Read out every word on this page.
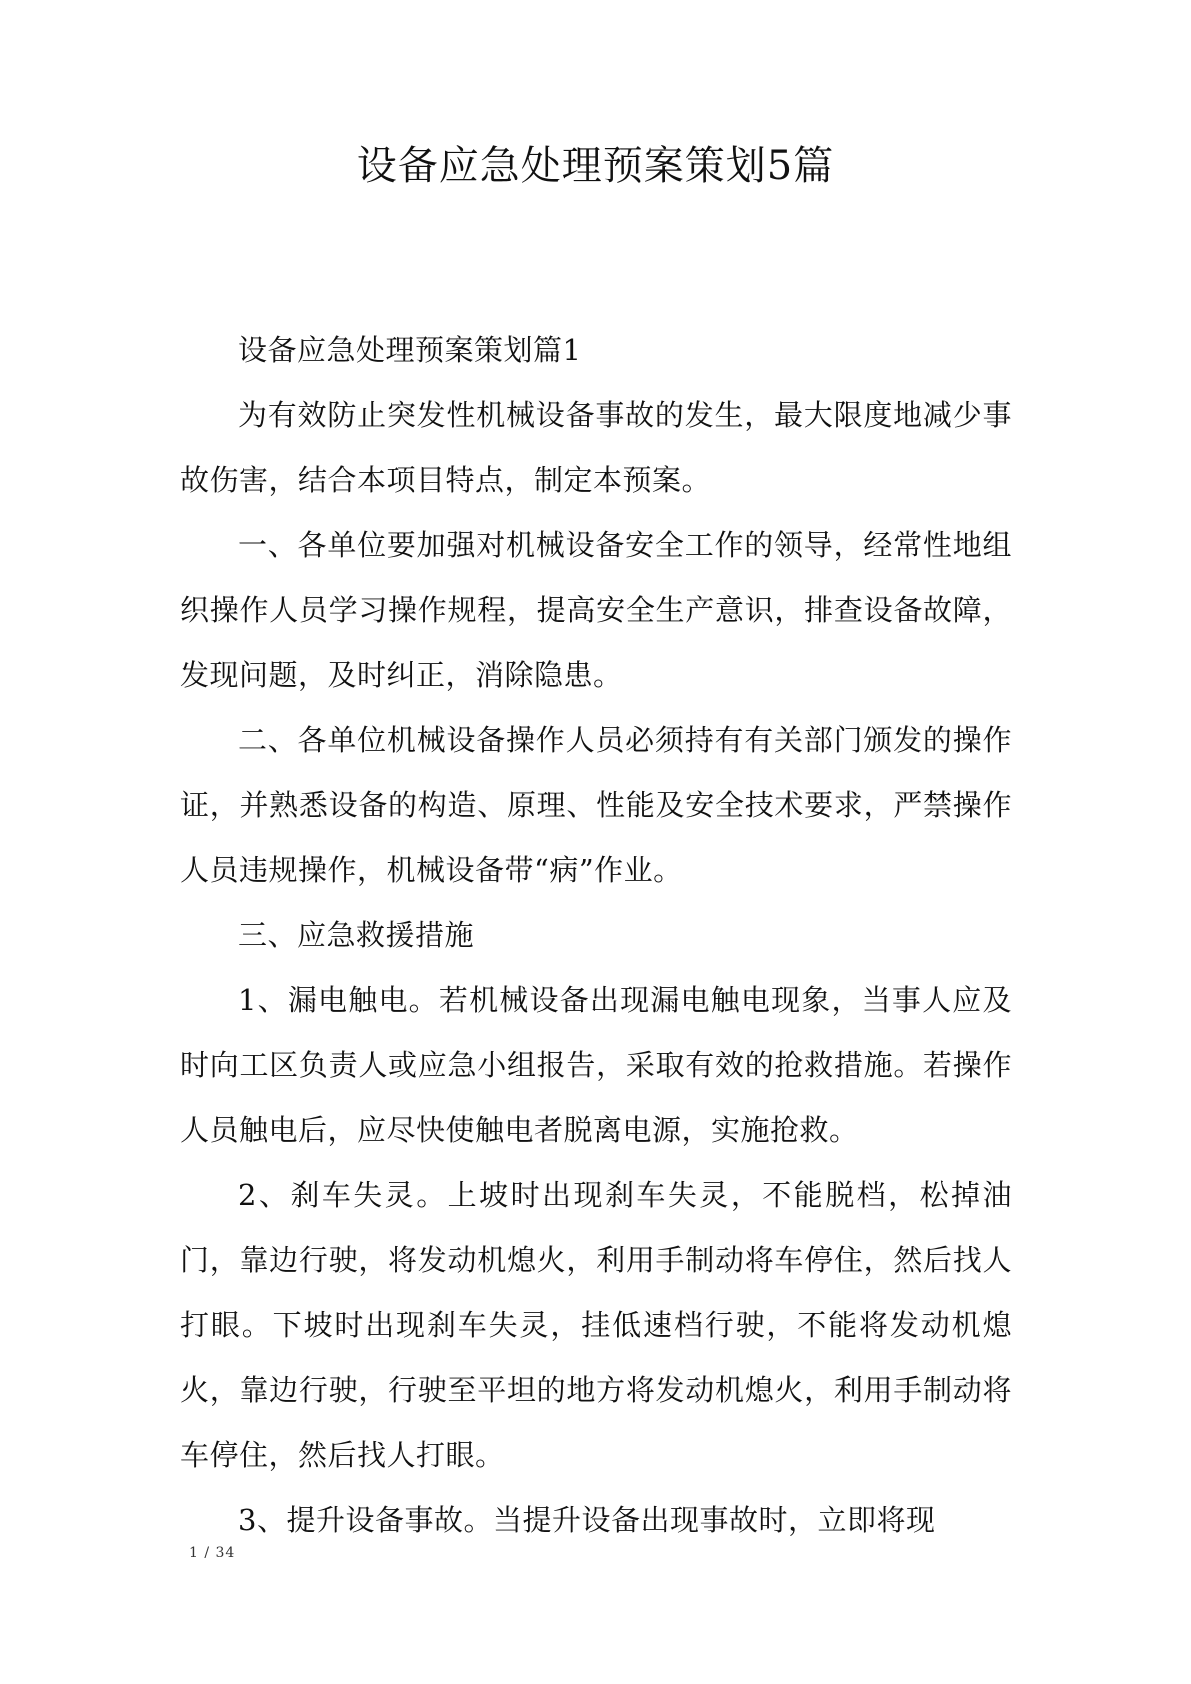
设备应急处理预案策划5篇

设备应急处理预案策划篇1

为有效防止突发性机械设备事故的发生，最大限度地减少事故伤害，结合本项目特点，制定本预案。

一、各单位要加强对机械设备安全工作的领导，经常性地组织操作人员学习操作规程，提高安全生产意识，排查设备故障，发现问题，及时纠正，消除隐患。

二、各单位机械设备操作人员必须持有有关部门颁发的操作证，并熟悉设备的构造、原理、性能及安全技术要求，严禁操作人员违规操作，机械设备带“病”作业。

三、应急救援措施

1、漏电触电。若机械设备出现漏电触电现象，当事人应及时向工区负责人或应急小组报告，采取有效的抢救措施。若操作人员触电后，应尽快使触电者脱离电源，实施抢救。

2、刹车失灵。上坡时出现刹车失灵，不能脱档，松掉油门，靠边行驶，将发动机熄火，利用手制动将车停住，然后找人打眼。下坡时出现刹车失灵，挂低速档行驶，不能将发动机熄火，靠边行驶，行驶至平坦的地方将发动机熄火，利用手制动将车停住，然后找人打眼。

3、提升设备事故。当提升设备出现事故时，立即将现

1 / 34
